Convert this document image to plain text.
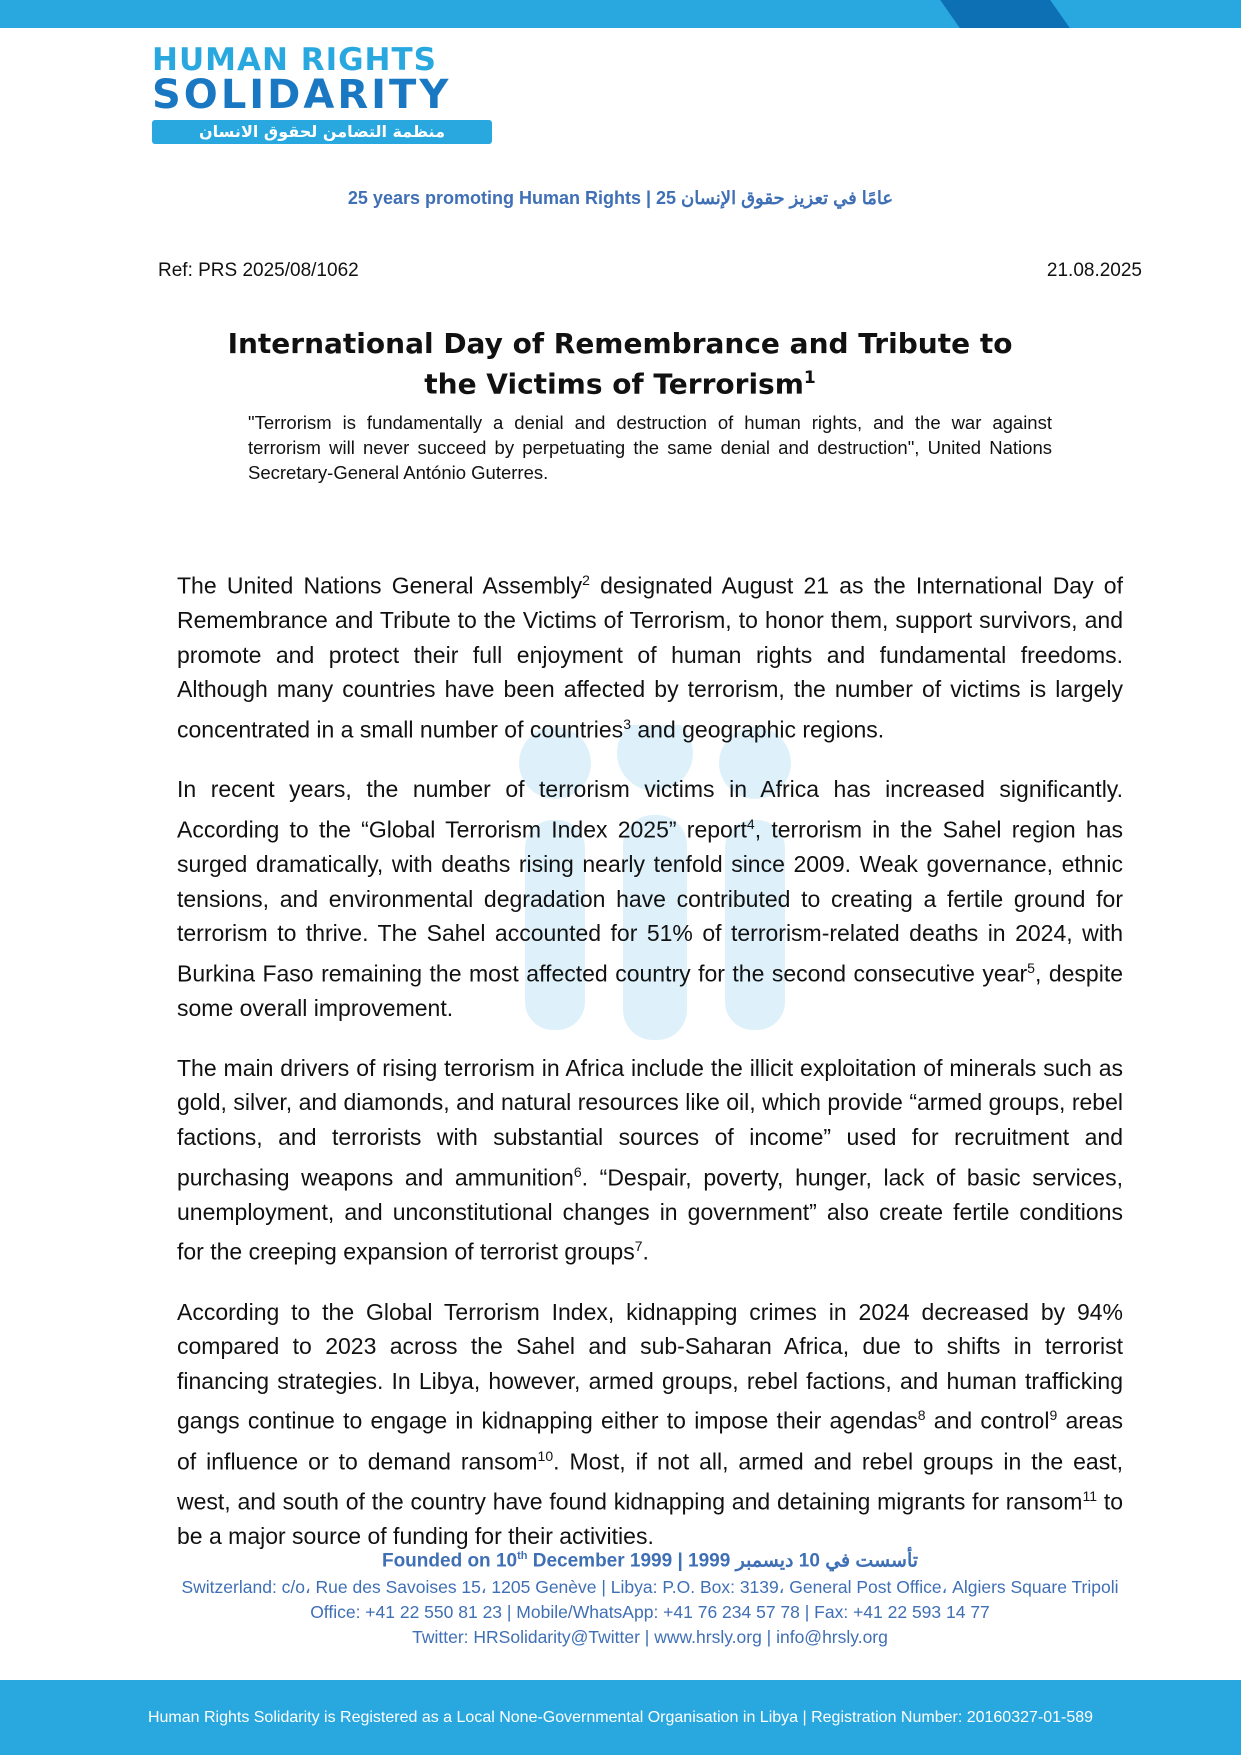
HUMAN RIGHTS
SOLIDARITY
منظمة التضامن لحقوق الانسان
25 years promoting Human Rights | 25 عامًا في تعزيز حقوق الإنسان
Ref: PRS 2025/08/1062	21.08.2025
International Day of Remembrance and Tribute to the Victims of Terrorism$^1$
"Terrorism is fundamentally a denial and destruction of human rights, and the war against terrorism will never succeed by perpetuating the same denial and destruction", United Nations Secretary-General António Guterres.

The United Nations General Assembly$^2$ designated August 21 as the International Day of Remembrance and Tribute to the Victims of Terrorism, to honor them, support survivors, and promote and protect their full enjoyment of human rights and fundamental freedoms. Although many countries have been affected by terrorism, the number of victims is largely concentrated in a small number of countries$^3$ and geographic regions.

In recent years, the number of terrorism victims in Africa has increased significantly. According to the “Global Terrorism Index 2025” report$^4$, terrorism in the Sahel region has surged dramatically, with deaths rising nearly tenfold since 2009. Weak governance, ethnic tensions, and environmental degradation have contributed to creating a fertile ground for terrorism to thrive. The Sahel accounted for 51% of terrorism-related deaths in 2024, with Burkina Faso remaining the most affected country for the second consecutive year$^5$, despite some overall improvement.

The main drivers of rising terrorism in Africa include the illicit exploitation of minerals such as gold, silver, and diamonds, and natural resources like oil, which provide “armed groups, rebel factions, and terrorists with substantial sources of income” used for recruitment and purchasing weapons and ammunition$^6$. “Despair, poverty, hunger, lack of basic services, unemployment, and unconstitutional changes in government” also create fertile conditions for the creeping expansion of terrorist groups$^7$.

According to the Global Terrorism Index, kidnapping crimes in 2024 decreased by 94% compared to 2023 across the Sahel and sub-Saharan Africa, due to shifts in terrorist financing strategies. In Libya, however, armed groups, rebel factions, and human trafficking gangs continue to engage in kidnapping either to impose their agendas$^8$ and control$^9$ areas of influence or to demand ransom$^{10}$. Most, if not all, armed and rebel groups in the east, west, and south of the country have found kidnapping and detaining migrants for ransom$^{11}$ to be a major source of funding for their activities.

Founded on 10th December 1999 | 1999 تأسست في 10 ديسمبر
Switzerland: c/o، Rue des Savoises 15، 1205 Genève | Libya: P.O. Box: 3139، General Post Office، Algiers Square Tripoli
Office: +41 22 550 81 23 | Mobile/WhatsApp: +41 76 234 57 78 | Fax: +41 22 593 14 77
Twitter: HRSolidarity@Twitter | www.hrsly.org | info@hrsly.org
Human Rights Solidarity is Registered as a Local None-Governmental Organisation in Libya | Registration Number: 20160327-01-589
